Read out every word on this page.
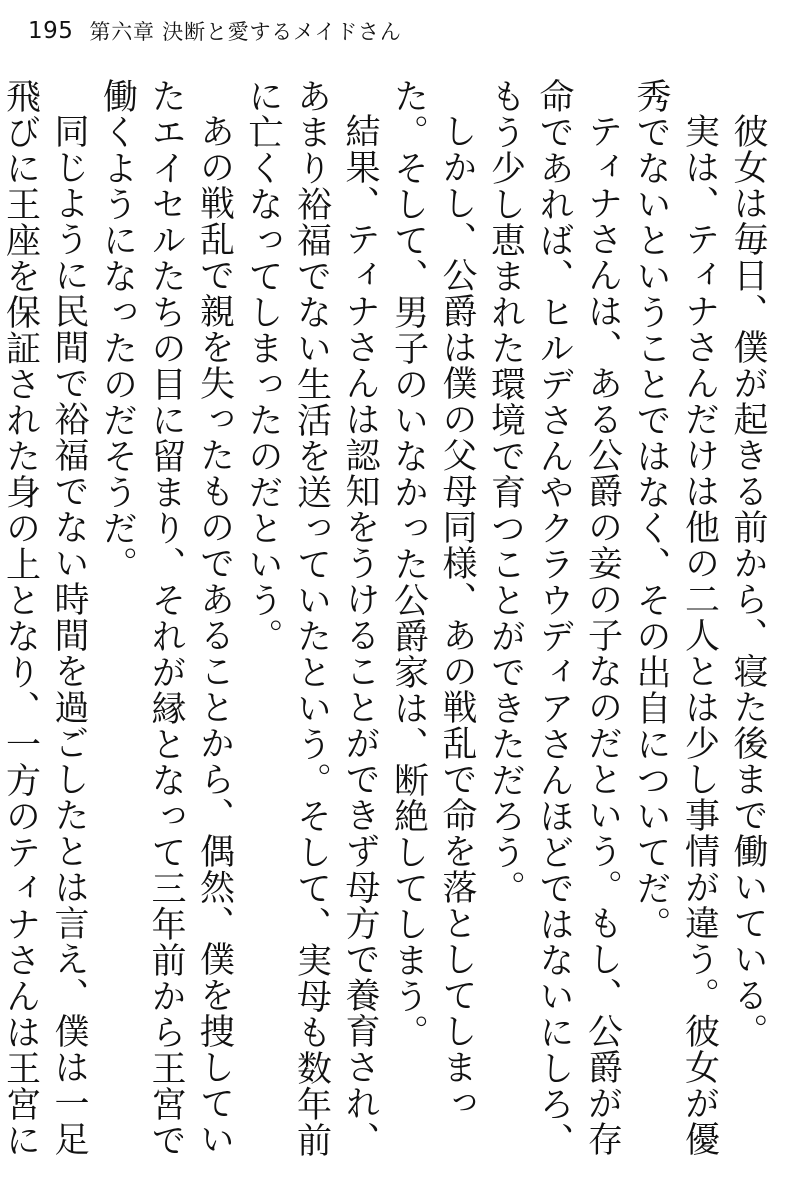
195 第六章 決断と愛するメイドさん

彼女は毎日、僕が起きる前から、寝た後まで働いている。

実は、ティナさんだけは他の二人とは少し事情が違う。彼女が優秀でないということではなく、その出自についてだ。

ティナさんは、ある公爵の妾の子なのだという。もし、公爵が存命であれば、ヒルデさんやクラウディアさんほどではないにしろ、もう少し恵まれた環境で育つことができただろう。

しかし、公爵は僕の父母同様、あの戦乱で命を落としてしまった。そして、男子のいなかった公爵家は、断絶してしまう。

結果、ティナさんは認知をうけることができず母方で養育され、あまり裕福でない生活を送っていたという。そして、実母も数年前に亡くなってしまったのだという。

あの戦乱で親を失ったものであることから、偶然、僕を捜していたエイセルたちの目に留まり、それが縁となって三年前から王宮で働くようになったのだそうだ。

同じように民間で裕福でない時間を過ごしたとは言え、僕は一足飛びに王座を保証された身の上となり、一方のティナさんは王宮に
